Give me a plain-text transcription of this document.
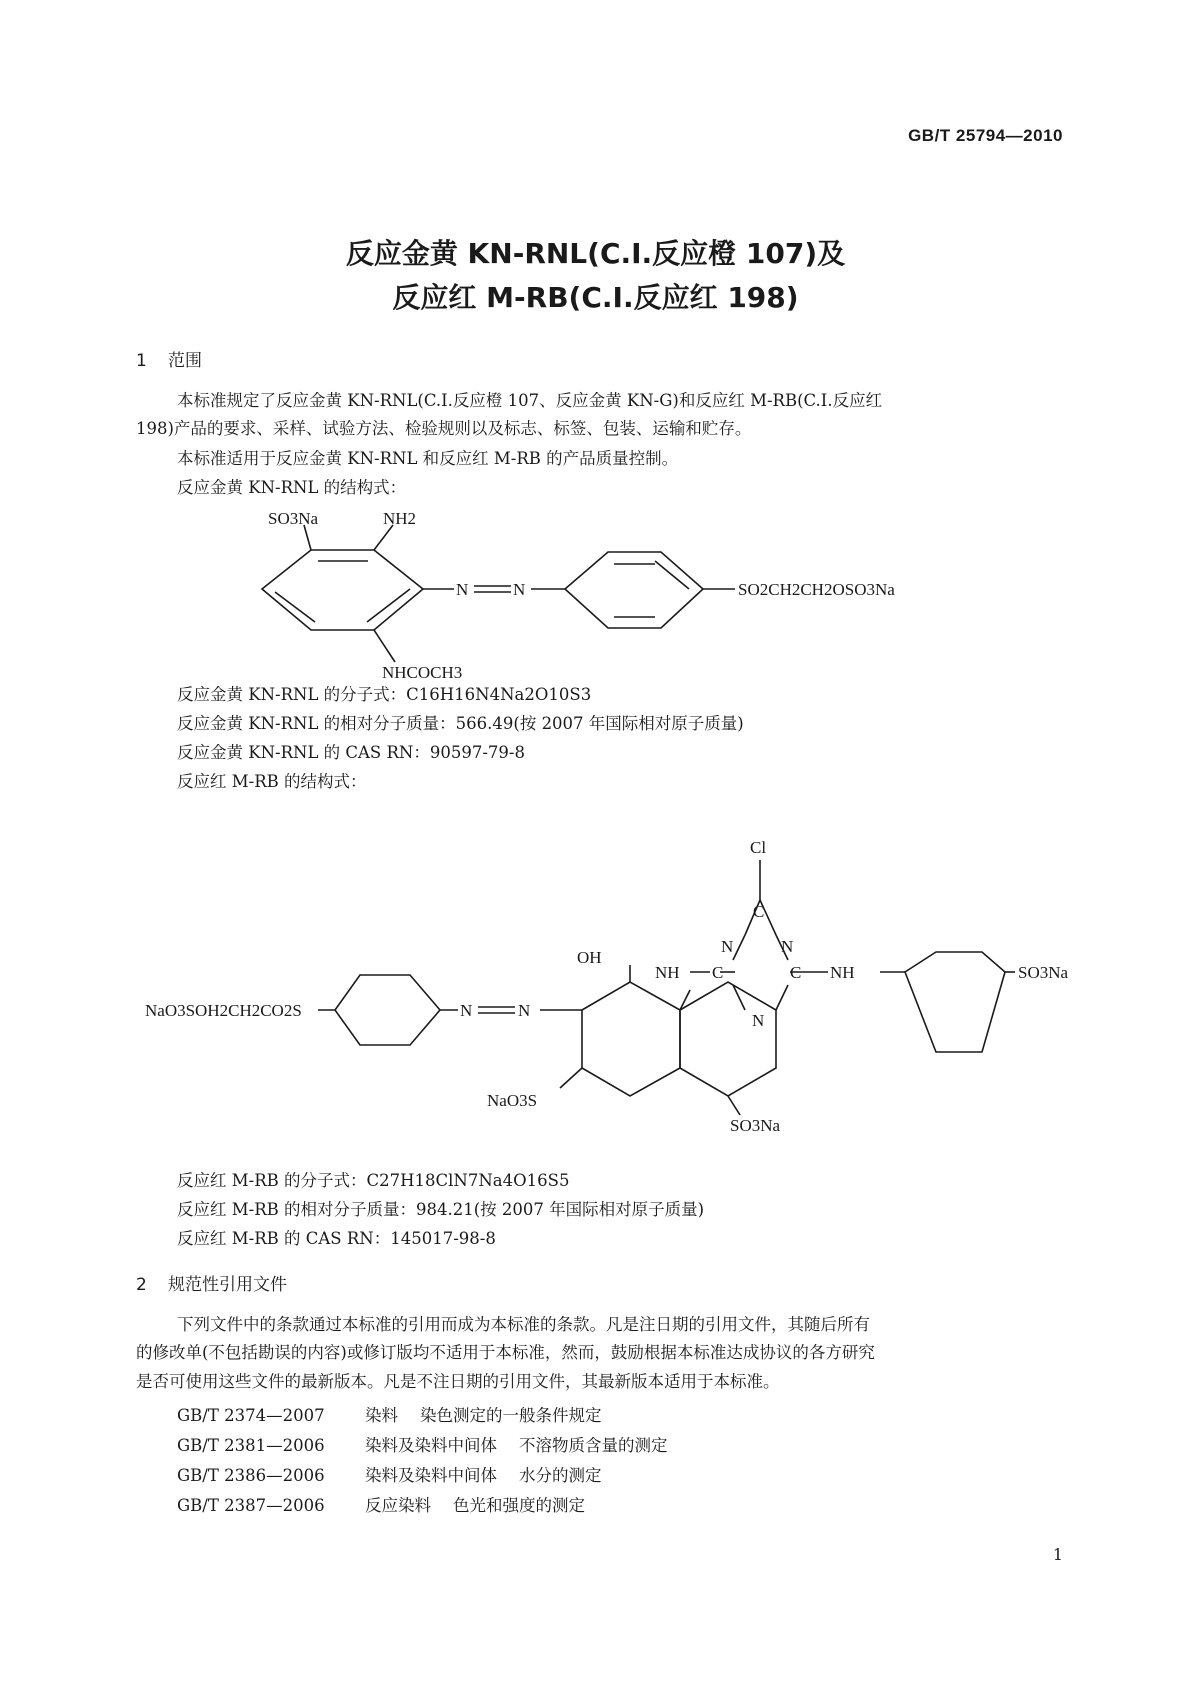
GB/T 25794—2010
反应金黄 KN-RNL(C.I.反应橙 107)及
反应红 M-RB(C.I.反应红 198)
1 范围
本标准规定了反应金黄 KN-RNL(C.I.反应橙 107、反应金黄 KN-G)和反应红 M-RB(C.I.反应红
198)产品的要求、采样、试验方法、检验规则以及标志、标签、包装、运输和贮存。
本标准适用于反应金黄 KN-RNL 和反应红 M-RB 的产品质量控制。
反应金黄 KN-RNL 的结构式：
SO3Na	NH2
N	N	SO2CH2CH2OSO3Na
NHCOCH3
Cl
C
N	N
C	C
N
NH	NH	SO3Na
OH
N	N
NaO3SOH2CH2CO2S
NaO3S
SO3Na
反应金黄 KN-RNL 的分子式：C16H16N4Na2O10S3
反应金黄 KN-RNL 的相对分子质量：566.49(按 2007 年国际相对原子质量)
反应金黄 KN-RNL 的 CAS RN：90597-79-8
反应红 M-RB 的结构式：
反应红 M-RB 的分子式：C27H18ClN7Na4O16S5
反应红 M-RB 的相对分子质量：984.21(按 2007 年国际相对原子质量)
反应红 M-RB 的 CAS RN：145017-98-8
2 规范性引用文件
下列文件中的条款通过本标准的引用而成为本标准的条款。凡是注日期的引用文件，其随后所有
的修改单(不包括勘误的内容)或修订版均不适用于本标准，然而，鼓励根据本标准达成协议的各方研究
是否可使用这些文件的最新版本。凡是不注日期的引用文件，其最新版本适用于本标准。
GB/T 2374—2007 染料 染色测定的一般条件规定
GB/T 2381—2006 染料及染料中间体 不溶物质含量的测定
GB/T 2386—2006 染料及染料中间体 水分的测定
GB/T 2387—2006 反应染料 色光和强度的测定
1
